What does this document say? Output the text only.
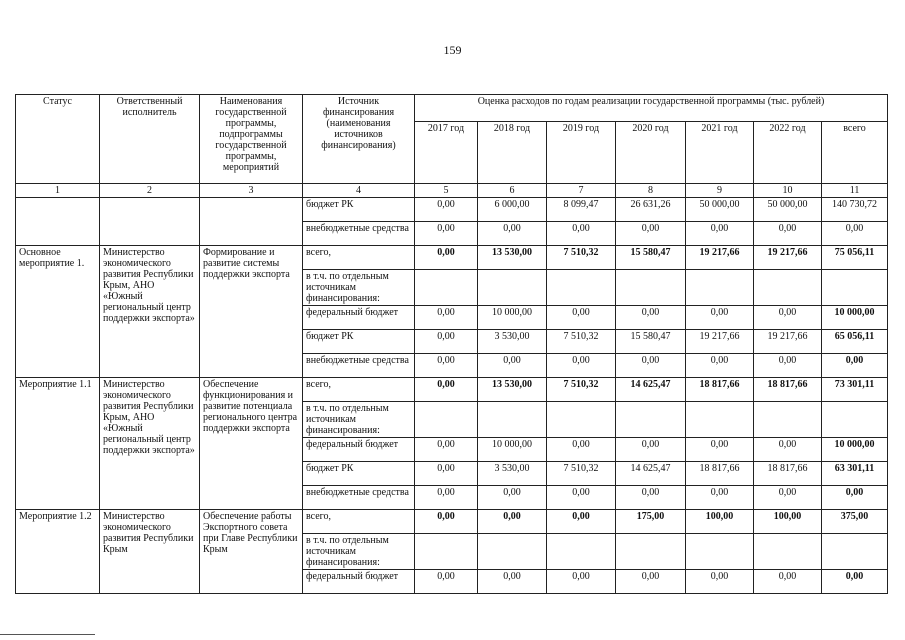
159
Статус	Ответственный исполнитель	Наименования государственной программы, подпрограммы государственной программы, мероприятий	Источник финансирования (наименования источников финансирования)	Оценка расходов по годам реализации государственной программы (тыс. рублей)						
				2017 год	2018 год	2019 год	2020 год	2021 год	2022 год	всего
1	2	3	4	5	6	7	8	9	10	11
			бюджет РК	0,00	6 000,00	8 099,47	26 631,26	50 000,00	50 000,00	140 730,72
			внебюджетные средства	0,00	0,00	0,00	0,00	0,00	0,00	0,00
Основное мероприятие 1.	Министерство экономического развития Республики Крым, АНО «Южный региональный центр поддержки экспорта»	Формирование и развитие системы поддержки экспорта	всего,	0,00	13 530,00	7 510,32	15 580,47	19 217,66	19 217,66	75 056,11
			в т.ч. по отдельным источникам финансирования:							
			федеральный бюджет	0,00	10 000,00	0,00	0,00	0,00	0,00	10 000,00
			бюджет РК	0,00	3 530,00	7 510,32	15 580,47	19 217,66	19 217,66	65 056,11
			внебюджетные средства	0,00	0,00	0,00	0,00	0,00	0,00	0,00
Мероприятие 1.1	Министерство экономического развития Республики Крым, АНО «Южный региональный центр поддержки экспорта»	Обеспечение функционирования и развитие потенциала регионального центра поддержки экспорта	всего,	0,00	13 530,00	7 510,32	14 625,47	18 817,66	18 817,66	73 301,11
			в т.ч. по отдельным источникам финансирования:							
			федеральный бюджет	0,00	10 000,00	0,00	0,00	0,00	0,00	10 000,00
			бюджет РК	0,00	3 530,00	7 510,32	14 625,47	18 817,66	18 817,66	63 301,11
			внебюджетные средства	0,00	0,00	0,00	0,00	0,00	0,00	0,00
Мероприятие 1.2	Министерство экономического развития Республики Крым	Обеспечение работы Экспортного совета при Главе Республики Крым	всего,	0,00	0,00	0,00	175,00	100,00	100,00	375,00
			в т.ч. по отдельным источникам финансирования:							
			федеральный бюджет	0,00	0,00	0,00	0,00	0,00	0,00	0,00
